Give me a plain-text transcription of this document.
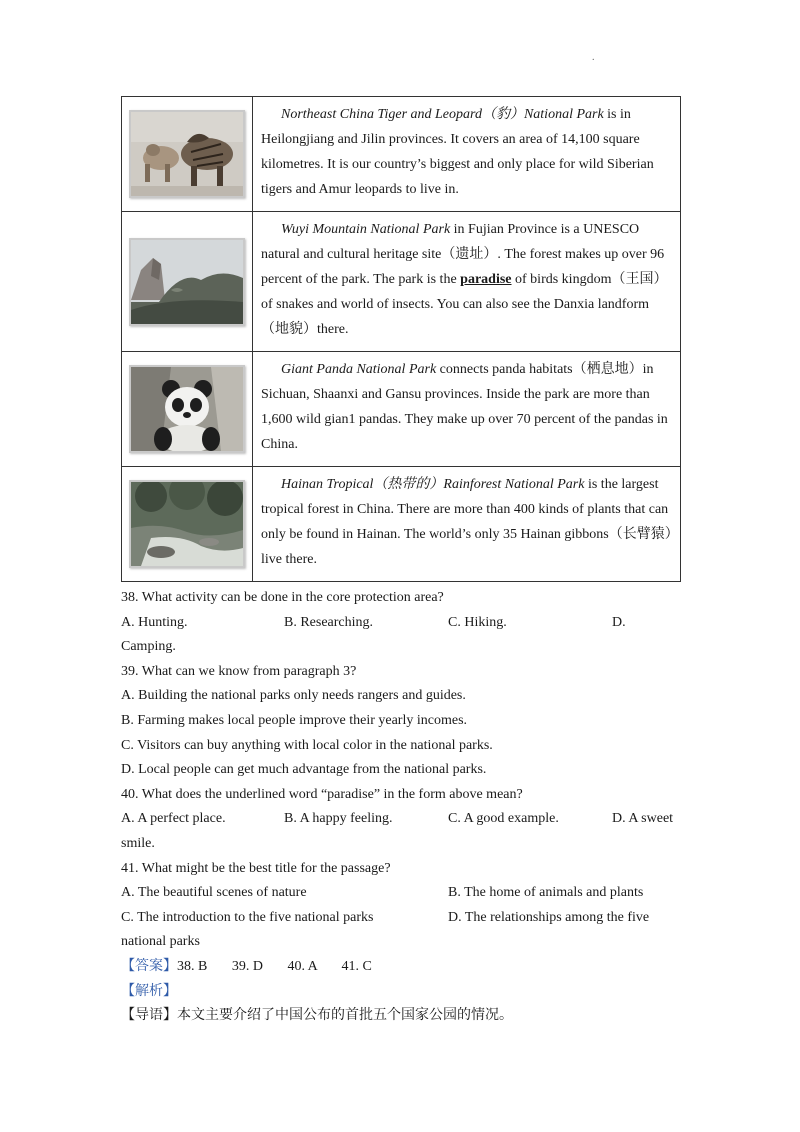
.
	Northeast China Tiger and Leopard（豹）National Park is in Heilongjiang and Jilin provinces. It covers an area of 14,100 square kilometres. It is our country’s biggest and only place for wild Siberian tigers and Amur leopards to live in.

	Wuyi Mountain National Park in Fujian Province is a UNESCO natural and cultural heritage site（遗址）. The forest makes up over 96 percent of the park. The park is the paradise of birds kingdom（王国）of snakes and world of insects. You can also see the Danxia landform（地貌）there.

	Giant Panda National Park connects panda habitats（栖息地）in Sichuan, Shaanxi and Gansu provinces. Inside the park are more than 1,600 wild gian1 pandas. They make up over 70 percent of the pandas in China.

	Hainan Tropical（热带的）Rainforest National Park is the largest tropical forest in China. There are more than 400 kinds of plants that can only be found in Hainan. The world’s only 35 Hainan gibbons（长臂猿）live there.
38. What activity can be done in the core protection area?
A. Hunting.	B. Researching.	C. Hiking.	D.
Camping.
39. What can we know from paragraph 3?
A. Building the national parks only needs rangers and guides.
B. Farming makes local people improve their yearly incomes.
C. Visitors can buy anything with local color in the national parks.
D. Local people can get much advantage from the national parks.
40. What does the underlined word “paradise” in the form above mean?
A. A perfect place.	B. A happy feeling.	C. A good example.	D. A sweet
smile.
41. What might be the best title for the passage?
A. The beautiful scenes of nature	B. The home of animals and plants
C. The introduction to the five national parks	D. The relationships among the five
national parks
【答案】38. B       39. D       40. A       41. C
【解析】
【导语】本文主要介绍了中国公布的首批五个国家公园的情况。
